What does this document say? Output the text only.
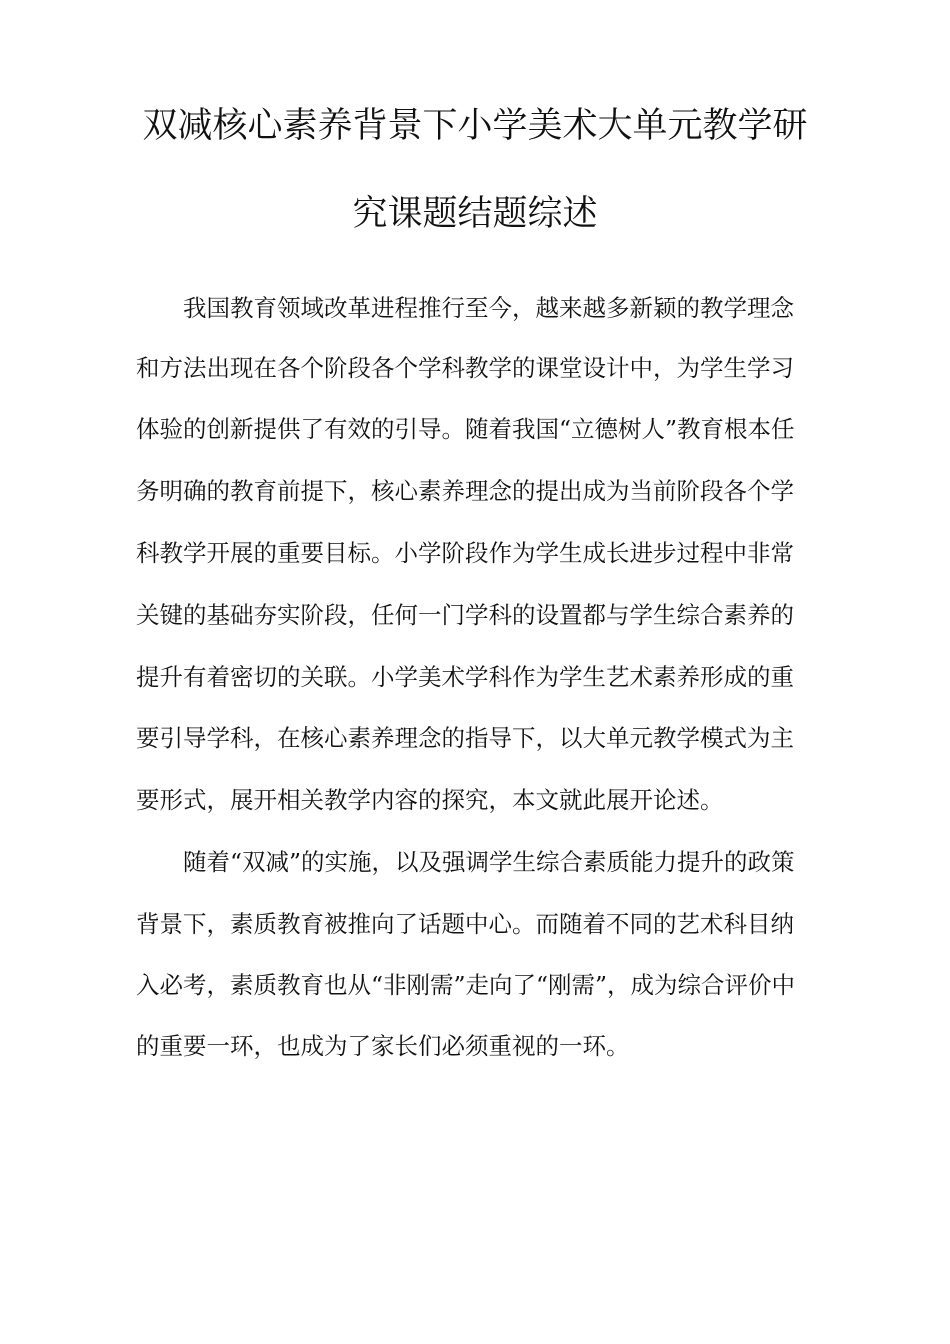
双减核心素养背景下小学美术大单元教学研
究课题结题综述
我国教育领域改革进程推行至今，越来越多新颖的教学理念
和方法出现在各个阶段各个学科教学的课堂设计中，为学生学习
体验的创新提供了有效的引导。随着我国“立德树人”教育根本任
务明确的教育前提下，核心素养理念的提出成为当前阶段各个学
科教学开展的重要目标。小学阶段作为学生成长进步过程中非常
关键的基础夯实阶段，任何一门学科的设置都与学生综合素养的
提升有着密切的关联。小学美术学科作为学生艺术素养形成的重
要引导学科，在核心素养理念的指导下，以大单元教学模式为主
要形式，展开相关教学内容的探究，本文就此展开论述。
随着“双减”的实施，以及强调学生综合素质能力提升的政策
背景下，素质教育被推向了话题中心。而随着不同的艺术科目纳
入必考，素质教育也从“非刚需”走向了“刚需”，成为综合评价中
的重要一环，也成为了家长们必须重视的一环。
